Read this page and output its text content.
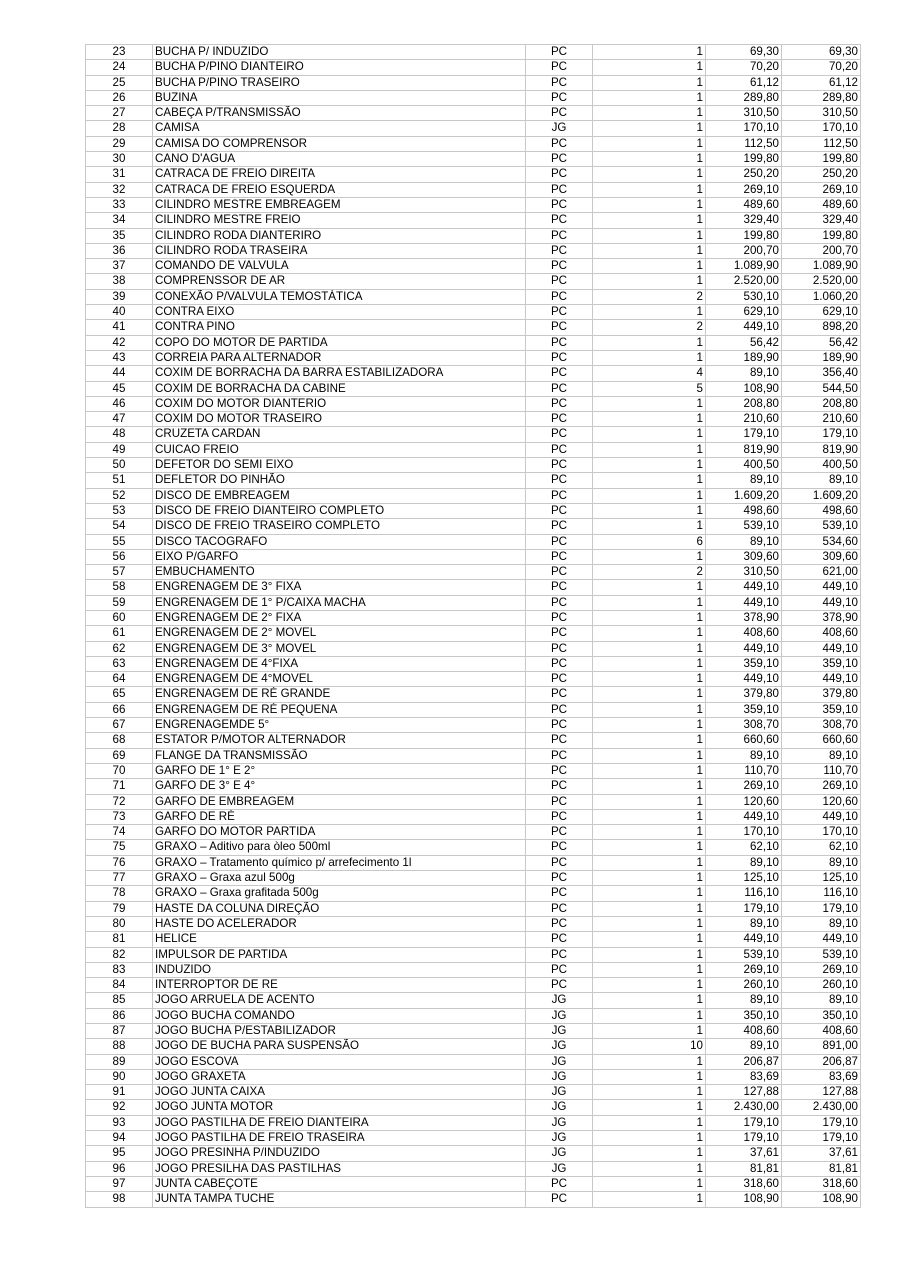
23	BUCHA P/ INDUZIDO	PC	1	69,30	69,30
24	BUCHA P/PINO DIANTEIRO	PC	1	70,20	70,20
25	BUCHA P/PINO TRASEIRO	PC	1	61,12	61,12
26	BUZINA	PC	1	289,80	289,80
27	CABEÇA P/TRANSMISSÃO	PC	1	310,50	310,50
28	CAMISA	JG	1	170,10	170,10
29	CAMISA DO COMPRENSOR	PC	1	112,50	112,50
30	CANO D'AGUA	PC	1	199,80	199,80
31	CATRACA DE FREIO DIREITA	PC	1	250,20	250,20
32	CATRACA DE FREIO ESQUERDA	PC	1	269,10	269,10
33	CILINDRO MESTRE EMBREAGEM	PC	1	489,60	489,60
34	CILINDRO MESTRE FREIO	PC	1	329,40	329,40
35	CILINDRO RODA DIANTERIRO	PC	1	199,80	199,80
36	CILINDRO RODA TRASEIRA	PC	1	200,70	200,70
37	COMANDO DE VALVULA	PC	1	1.089,90	1.089,90
38	COMPRENSSOR DE AR	PC	1	2.520,00	2.520,00
39	CONEXÃO P/VALVULA TEMOSTÁTICA	PC	2	530,10	1.060,20
40	CONTRA EIXO	PC	1	629,10	629,10
41	CONTRA PINO	PC	2	449,10	898,20
42	COPO DO MOTOR DE PARTIDA	PC	1	56,42	56,42
43	CORREIA PARA ALTERNADOR	PC	1	189,90	189,90
44	COXIM DE BORRACHA DA BARRA ESTABILIZADORA	PC	4	89,10	356,40
45	COXIM DE BORRACHA DA CABINE	PC	5	108,90	544,50
46	COXIM DO MOTOR DIANTERIO	PC	1	208,80	208,80
47	COXIM DO MOTOR TRASEIRO	PC	1	210,60	210,60
48	CRUZETA CARDAN	PC	1	179,10	179,10
49	CUICAO FREIO	PC	1	819,90	819,90
50	DEFETOR DO SEMI EIXO	PC	1	400,50	400,50
51	DEFLETOR DO PINHÃO	PC	1	89,10	89,10
52	DISCO DE EMBREAGEM	PC	1	1.609,20	1.609,20
53	DISCO DE FREIO DIANTEIRO COMPLETO	PC	1	498,60	498,60
54	DISCO DE FREIO TRASEIRO COMPLETO	PC	1	539,10	539,10
55	DISCO TACOGRAFO	PC	6	89,10	534,60
56	EIXO P/GARFO	PC	1	309,60	309,60
57	EMBUCHAMENTO	PC	2	310,50	621,00
58	ENGRENAGEM DE 3° FIXA	PC	1	449,10	449,10
59	ENGRENAGEM DE 1° P/CAIXA MACHA	PC	1	449,10	449,10
60	ENGRENAGEM DE 2° FIXA	PC	1	378,90	378,90
61	ENGRENAGEM DE 2° MOVEL	PC	1	408,60	408,60
62	ENGRENAGEM DE 3° MOVEL	PC	1	449,10	449,10
63	ENGRENAGEM DE 4°FIXA	PC	1	359,10	359,10
64	ENGRENAGEM DE 4°MOVEL	PC	1	449,10	449,10
65	ENGRENAGEM DE RÉ GRANDE	PC	1	379,80	379,80
66	ENGRENAGEM DE RÉ PEQUENA	PC	1	359,10	359,10
67	ENGRENAGEMDE 5°	PC	1	308,70	308,70
68	ESTATOR P/MOTOR ALTERNADOR	PC	1	660,60	660,60
69	FLANGE DA TRANSMISSÃO	PC	1	89,10	89,10
70	GARFO DE 1° E 2°	PC	1	110,70	110,70
71	GARFO DE 3° E 4°	PC	1	269,10	269,10
72	GARFO DE EMBREAGEM	PC	1	120,60	120,60
73	GARFO DE RÉ	PC	1	449,10	449,10
74	GARFO DO MOTOR PARTIDA	PC	1	170,10	170,10
75	GRAXO – Aditivo para òleo 500ml	PC	1	62,10	62,10
76	GRAXO – Tratamento químico p/ arrefecimento 1l	PC	1	89,10	89,10
77	GRAXO – Graxa azul 500g	PC	1	125,10	125,10
78	GRAXO – Graxa grafitada 500g	PC	1	116,10	116,10
79	HASTE DA COLUNA DIREÇÃO	PC	1	179,10	179,10
80	HASTE DO ACELERADOR	PC	1	89,10	89,10
81	HELICE	PC	1	449,10	449,10
82	IMPULSOR DE PARTIDA	PC	1	539,10	539,10
83	INDUZIDO	PC	1	269,10	269,10
84	INTERROPTOR DE RE	PC	1	260,10	260,10
85	JOGO ARRUELA DE ACENTO	JG	1	89,10	89,10
86	JOGO BUCHA COMANDO	JG	1	350,10	350,10
87	JOGO BUCHA P/ESTABILIZADOR	JG	1	408,60	408,60
88	JOGO DE BUCHA PARA SUSPENSÃO	JG	10	89,10	891,00
89	JOGO ESCOVA	JG	1	206,87	206,87
90	JOGO GRAXETA	JG	1	83,69	83,69
91	JOGO JUNTA CAIXA	JG	1	127,88	127,88
92	JOGO JUNTA MOTOR	JG	1	2.430,00	2.430,00
93	JOGO PASTILHA DE FREIO DIANTEIRA	JG	1	179,10	179,10
94	JOGO PASTILHA DE FREIO TRASEIRA	JG	1	179,10	179,10
95	JOGO PRESINHA P/INDUZIDO	JG	1	37,61	37,61
96	JOGO PRESILHA DAS PASTILHAS	JG	1	81,81	81,81
97	JUNTA CABEÇOTE	PC	1	318,60	318,60
98	JUNTA TAMPA TUCHE	PC	1	108,90	108,90
